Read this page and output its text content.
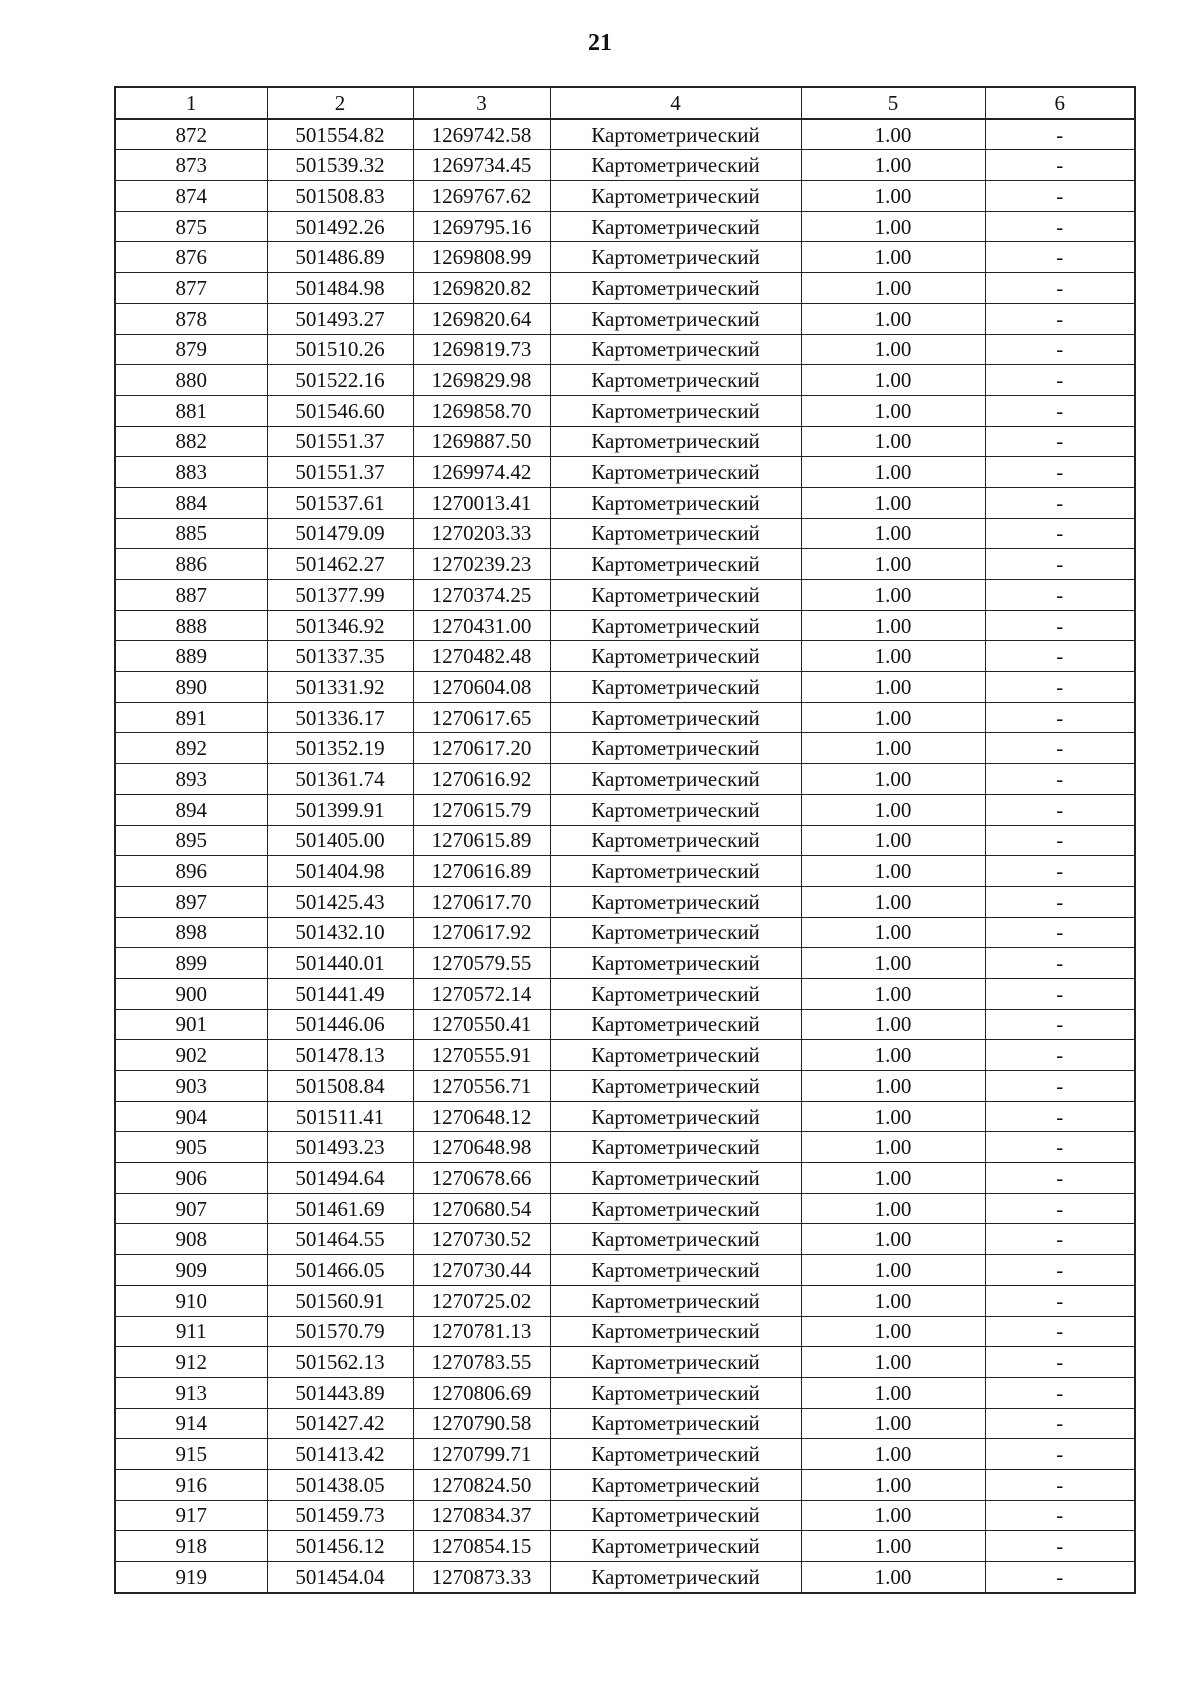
21
1	2	3	4	5	6
872	501554.82	1269742.58	Картометрический	1.00	-
873	501539.32	1269734.45	Картометрический	1.00	-
874	501508.83	1269767.62	Картометрический	1.00	-
875	501492.26	1269795.16	Картометрический	1.00	-
876	501486.89	1269808.99	Картометрический	1.00	-
877	501484.98	1269820.82	Картометрический	1.00	-
878	501493.27	1269820.64	Картометрический	1.00	-
879	501510.26	1269819.73	Картометрический	1.00	-
880	501522.16	1269829.98	Картометрический	1.00	-
881	501546.60	1269858.70	Картометрический	1.00	-
882	501551.37	1269887.50	Картометрический	1.00	-
883	501551.37	1269974.42	Картометрический	1.00	-
884	501537.61	1270013.41	Картометрический	1.00	-
885	501479.09	1270203.33	Картометрический	1.00	-
886	501462.27	1270239.23	Картометрический	1.00	-
887	501377.99	1270374.25	Картометрический	1.00	-
888	501346.92	1270431.00	Картометрический	1.00	-
889	501337.35	1270482.48	Картометрический	1.00	-
890	501331.92	1270604.08	Картометрический	1.00	-
891	501336.17	1270617.65	Картометрический	1.00	-
892	501352.19	1270617.20	Картометрический	1.00	-
893	501361.74	1270616.92	Картометрический	1.00	-
894	501399.91	1270615.79	Картометрический	1.00	-
895	501405.00	1270615.89	Картометрический	1.00	-
896	501404.98	1270616.89	Картометрический	1.00	-
897	501425.43	1270617.70	Картометрический	1.00	-
898	501432.10	1270617.92	Картометрический	1.00	-
899	501440.01	1270579.55	Картометрический	1.00	-
900	501441.49	1270572.14	Картометрический	1.00	-
901	501446.06	1270550.41	Картометрический	1.00	-
902	501478.13	1270555.91	Картометрический	1.00	-
903	501508.84	1270556.71	Картометрический	1.00	-
904	501511.41	1270648.12	Картометрический	1.00	-
905	501493.23	1270648.98	Картометрический	1.00	-
906	501494.64	1270678.66	Картометрический	1.00	-
907	501461.69	1270680.54	Картометрический	1.00	-
908	501464.55	1270730.52	Картометрический	1.00	-
909	501466.05	1270730.44	Картометрический	1.00	-
910	501560.91	1270725.02	Картометрический	1.00	-
911	501570.79	1270781.13	Картометрический	1.00	-
912	501562.13	1270783.55	Картометрический	1.00	-
913	501443.89	1270806.69	Картометрический	1.00	-
914	501427.42	1270790.58	Картометрический	1.00	-
915	501413.42	1270799.71	Картометрический	1.00	-
916	501438.05	1270824.50	Картометрический	1.00	-
917	501459.73	1270834.37	Картометрический	1.00	-
918	501456.12	1270854.15	Картометрический	1.00	-
919	501454.04	1270873.33	Картометрический	1.00	-
